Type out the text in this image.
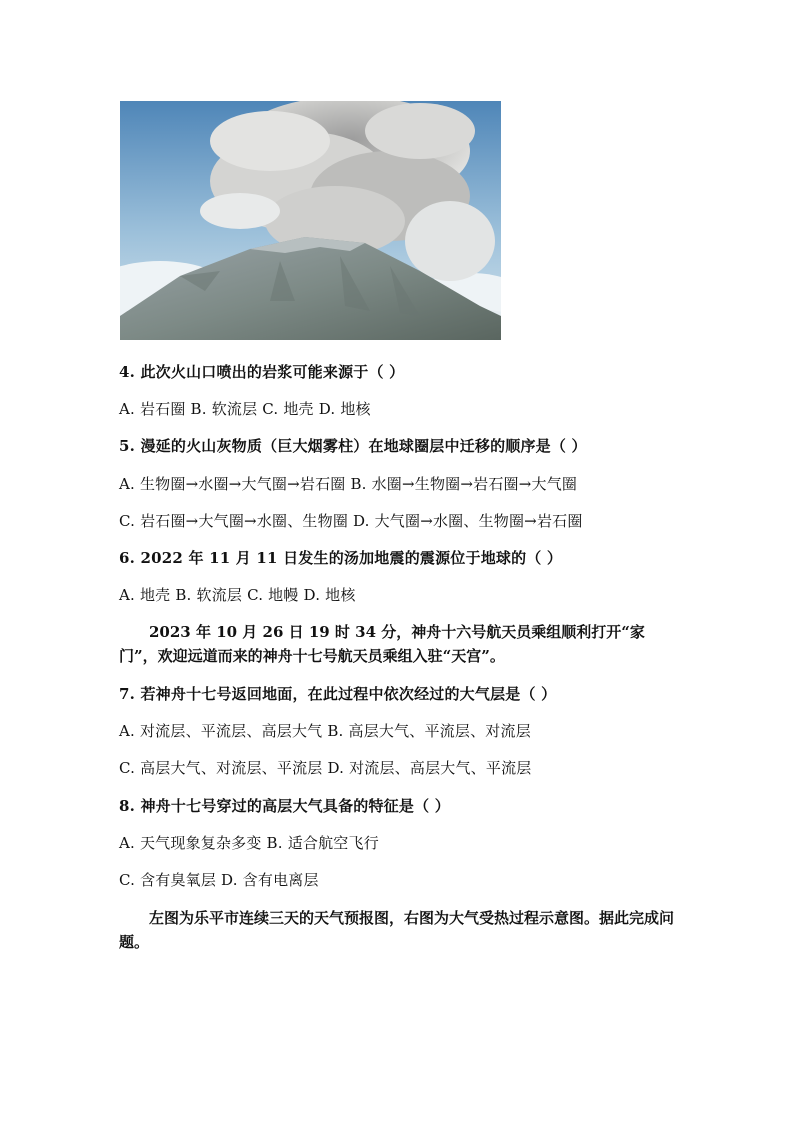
4. 此次火山口喷出的岩浆可能来源于（ ）
A. 岩石圈 B. 软流层 C. 地壳 D. 地核
5. 漫延的火山灰物质（巨大烟雾柱）在地球圈层中迁移的顺序是（ ）
A. 生物圈→水圈→大气圈→岩石圈 B. 水圈→生物圈→岩石圈→大气圈
C. 岩石圈→大气圈→水圈、生物圈 D. 大气圈→水圈、生物圈→岩石圈
6. 2022 年 11 月 11 日发生的汤加地震的震源位于地球的（ ）
A. 地壳 B. 软流层 C. 地幔 D. 地核
2023 年 10 月 26 日 19 时 34 分，神舟十六号航天员乘组顺利打开“家门”，欢迎远道而来的神舟十七号航天员乘组入驻“天宫”。
7. 若神舟十七号返回地面，在此过程中依次经过的大气层是（ ）
A. 对流层、平流层、高层大气 B. 高层大气、平流层、对流层
C. 高层大气、对流层、平流层 D. 对流层、高层大气、平流层
8. 神舟十七号穿过的高层大气具备的特征是（ ）
A. 天气现象复杂多变 B. 适合航空飞行
C. 含有臭氧层 D. 含有电离层
左图为乐平市连续三天的天气预报图，右图为大气受热过程示意图。据此完成问题。
